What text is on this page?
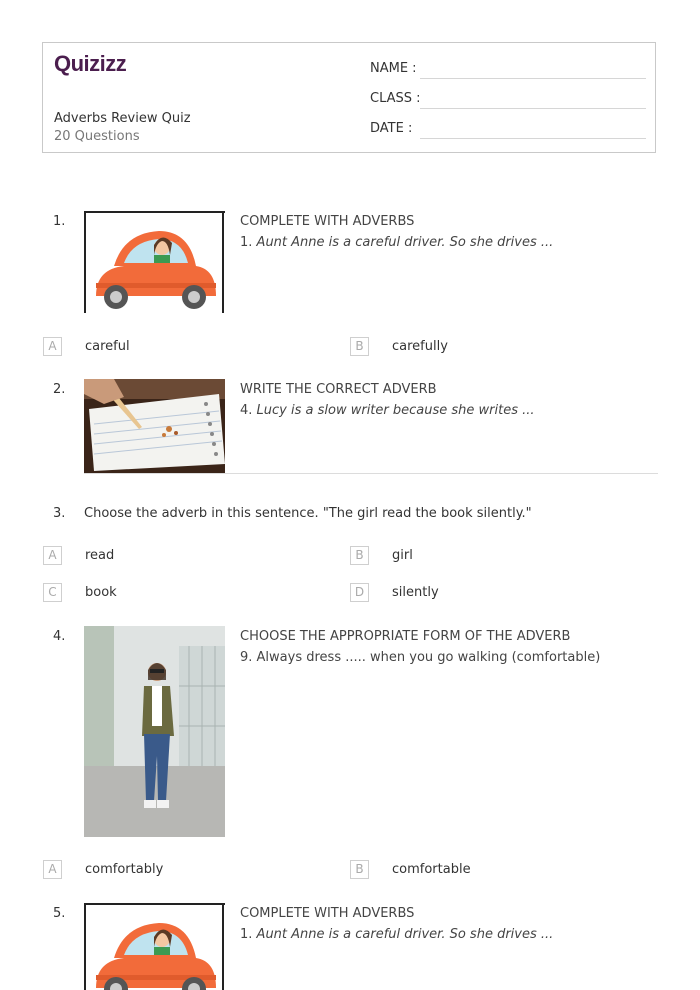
Quizizz
Adverbs Review Quiz
20 Questions
NAME :
CLASS :
DATE :
1.	COMPLETE WITH ADVERBS
1. Aunt Anne is a careful driver. So she drives ...
A	careful	B	carefully
2.	WRITE THE CORRECT ADVERB
4. Lucy is a slow writer because she writes ...
3. Choose the adverb in this sentence. "The girl read the book silently."
A	read	B	girl
C	book	D	silently
4.	CHOOSE THE APPROPRIATE FORM OF THE ADVERB
9. Always dress ..... when you go walking (comfortable)
A	comfortably	B	comfortable
5.	COMPLETE WITH ADVERBS
1. Aunt Anne is a careful driver. So she drives ...
